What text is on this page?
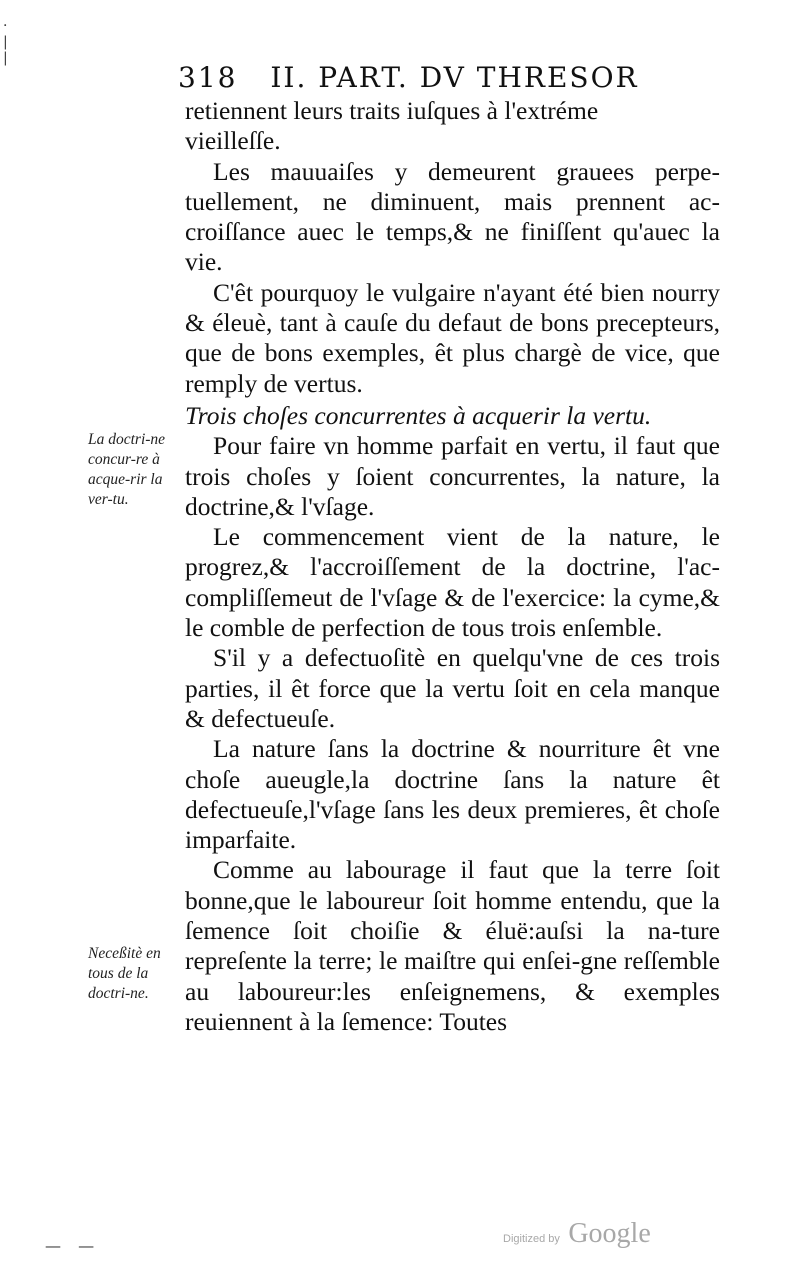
·
|
|
318 II. PART. DV THRESOR

retiennent leurs traits iuſques à l'extréme

vieilleſſe.

Les mauuaiſes y demeurent grauees perpe-tuellement, ne diminuent, mais prennent ac-croiſſance auec le temps,& ne finiſſent qu'auec la vie.

C'êt pourquoy le vulgaire n'ayant été bien nourry & éleuè, tant à cauſe du defaut de bons precepteurs, que de bons exemples, êt plus chargè de vice, que remply de vertus.

Trois choſes concurrentes à acquerir la vertu.

Pour faire vn homme parfait en vertu, il faut que trois choſes y ſoient concurrentes, la nature, la doctrine,& l'vſage.

Le commencement vient de la nature, le progrez,& l'accroiſſement de la doctrine, l'ac-compliſſemeut de l'vſage & de l'exercice: la cyme,& le comble de perfection de tous trois enſemble.

S'il y a defectuoſitè en quelqu'vne de ces trois parties, il êt force que la vertu ſoit en cela manque & defectueuſe.

La nature ſans la doctrine & nourriture êt vne choſe aueugle,la doctrine ſans la nature êt defectueuſe,l'vſage ſans les deux premieres, êt choſe imparfaite.

Comme au labourage il faut que la terre ſoit bonne,que le laboureur ſoit homme entendu, que la ſemence ſoit choiſie & éluë:auſsi la na-ture repreſente la terre; le maiſtre qui enſei-gne reſſemble au laboureur:les enſeignemens, & exemples reuiennent à la ſemence: Toutes

La doctri-ne concur-re à acque-rir la ver-tu.
Neceßitè en tous de la doctri-ne.
— —	Digitized by Google
